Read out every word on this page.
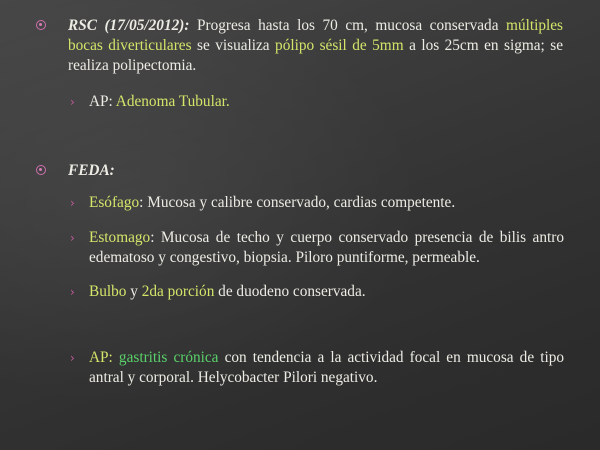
RSC (17/05/2012): Progresa hasta los 70 cm, mucosa conservada múltiples bocas diverticulares se visualiza pólipo sésil de 5mm a los 25cm en sigma; se realiza polipectomia.
› AP: Adenoma Tubular.
FEDA:
› Esófago: Mucosa y calibre conservado, cardias competente.
› Estomago: Mucosa de techo y cuerpo conservado presencia de bilis antro edematoso y congestivo, biopsia. Piloro puntiforme, permeable.
› Bulbo y 2da porción de duodeno conservada.
› AP: gastritis crónica con tendencia a la actividad focal en mucosa de tipo antral y corporal. Helycobacter Pilori negativo.
